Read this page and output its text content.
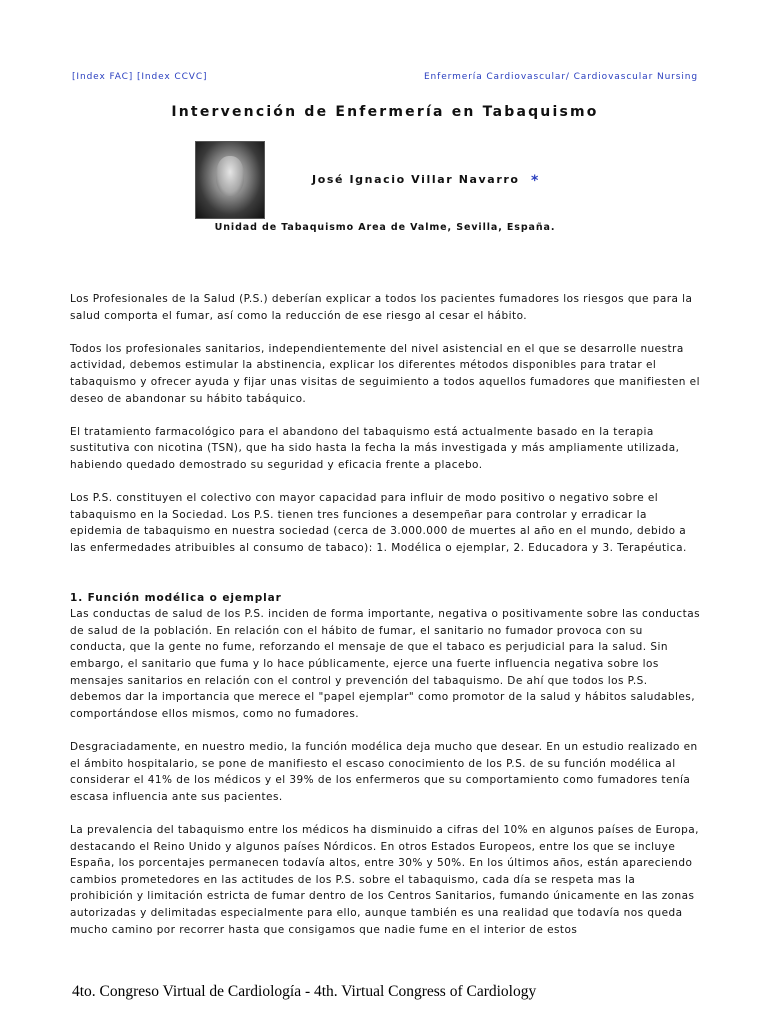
[Index FAC] [Index CCVC]	Enfermería Cardiovascular/ Cardiovascular Nursing
Intervención de Enfermería en Tabaquismo
José Ignacio Villar Navarro *
Unidad de Tabaquismo Area de Valme, Sevilla, España.

Los Profesionales de la Salud (P.S.) deberían explicar a todos los pacientes fumadores los riesgos que para la salud comporta el fumar, así como la reducción de ese riesgo al cesar el hábito.

Todos los profesionales sanitarios, independientemente del nivel asistencial en el que se desarrolle nuestra actividad, debemos estimular la abstinencia, explicar los diferentes métodos disponibles para tratar el tabaquismo y ofrecer ayuda y fijar unas visitas de seguimiento a todos aquellos fumadores que manifiesten el deseo de abandonar su hábito tabáquico.

El tratamiento farmacológico para el abandono del tabaquismo está actualmente basado en la terapia sustitutiva con nicotina (TSN), que ha sido hasta la fecha la más investigada y más ampliamente utilizada, habiendo quedado demostrado su seguridad y eficacia frente a placebo.

Los P.S. constituyen el colectivo con mayor capacidad para influir de modo positivo o negativo sobre el tabaquismo en la Sociedad. Los P.S. tienen tres funciones a desempeñar para controlar y erradicar la epidemia de tabaquismo en nuestra sociedad (cerca de 3.000.000 de muertes al año en el mundo, debido a las enfermedades atribuibles al consumo de tabaco): 1. Modélica o ejemplar, 2. Educadora y 3. Terapéutica.

1. Función modélica o ejemplar

Las conductas de salud de los P.S. inciden de forma importante, negativa o positivamente sobre las conductas de salud de la población. En relación con el hábito de fumar, el sanitario no fumador provoca con su conducta, que la gente no fume, reforzando el mensaje de que el tabaco es perjudicial para la salud. Sin embargo, el sanitario que fuma y lo hace públicamente, ejerce una fuerte influencia negativa sobre los mensajes sanitarios en relación con el control y prevención del tabaquismo. De ahí que todos los P.S. debemos dar la importancia que merece el "papel ejemplar" como promotor de la salud y hábitos saludables, comportándose ellos mismos, como no fumadores.

Desgraciadamente, en nuestro medio, la función modélica deja mucho que desear. En un estudio realizado en el ámbito hospitalario, se pone de manifiesto el escaso conocimiento de los P.S. de su función modélica al considerar el 41% de los médicos y el 39% de los enfermeros que su comportamiento como fumadores tenía escasa influencia ante sus pacientes.

La prevalencia del tabaquismo entre los médicos ha disminuido a cifras del 10% en algunos países de Europa, destacando el Reino Unido y algunos países Nórdicos. En otros Estados Europeos, entre los que se incluye España, los porcentajes permanecen todavía altos, entre 30% y 50%. En los últimos años, están apareciendo cambios prometedores en las actitudes de los P.S. sobre el tabaquismo, cada día se respeta mas la prohibición y limitación estricta de fumar dentro de los Centros Sanitarios, fumando únicamente en las zonas autorizadas y delimitadas especialmente para ello, aunque también es una realidad que todavía nos queda mucho camino por recorrer hasta que consigamos que nadie fume en el interior de estos

4to. Congreso Virtual de Cardiología - 4th. Virtual Congress of Cardiology
